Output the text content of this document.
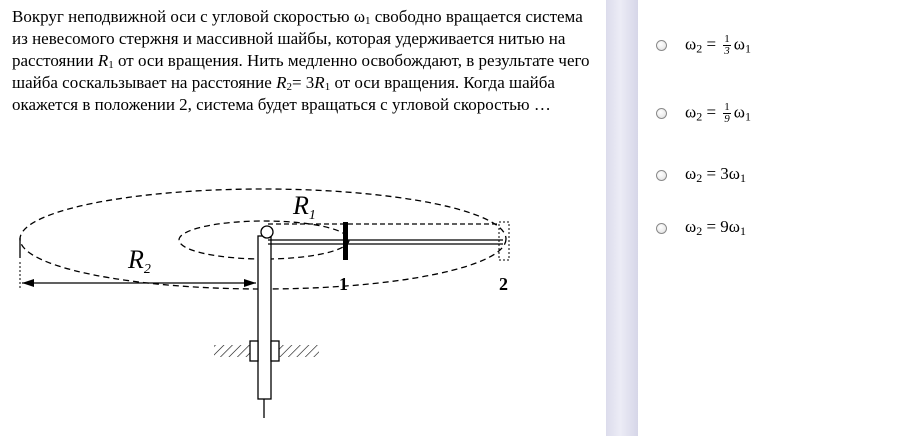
Вокруг неподвижной оси с угловой скоростью $\omega_1$ свободно вращается система из невесомого стержня и массивной шайбы, которая удерживается нитью на расстоянии $R_1$ от оси вращения. Нить медленно освобождают, в результате чего шайба соскальзывает на расстояние $R_2= 3R_1$ от оси вращения. Когда шайба окажется в положении 2, система будет вращаться с угловой скоростью …

R1
R2
1	2
$\omega 2 = \frac{1}{3} \omega 1$
$\omega 2 = \frac{1}{9} \omega 1$
ω2 = 3ω1
ω2 = 9ω1
